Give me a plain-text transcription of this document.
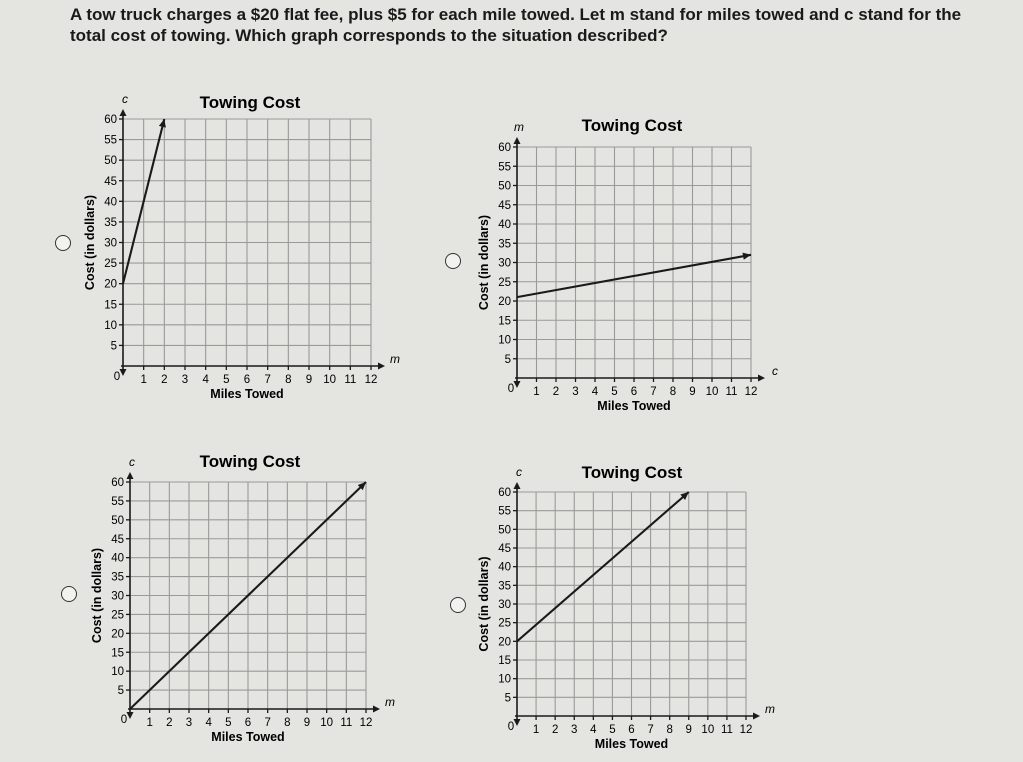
A tow truck charges a $20 flat fee, plus $5 for each mile towed. Let m stand for miles towed and c stand for the total cost of towing. Which graph corresponds to the situation described?
5
10
15
20
25
30
35
40
45
50
55
60
0 1 2 3 4 5 6 7 8 9 10 11 12
Towing Cost
Miles Towed
Cost (in dollars)
c
m	5
10
15
20
25
30
35
40
45
50
55
60
0 1 2 3 4 5 6 7 8 9 10 11 12
Towing Cost
Miles Towed
Cost (in dollars)
m
c
5
10
15
20
25
30
35
40
45
50
55
60
0 1 2 3 4 5 6 7 8 9 10 11 12
Towing Cost
Miles Towed
Cost (in dollars)
c
m	5
10
15
20
25
30
35
40
45
50
55
60
0 1 2 3 4 5 6 7 8 9 10 11 12
Towing Cost
Miles Towed
Cost (in dollars)
c
m
